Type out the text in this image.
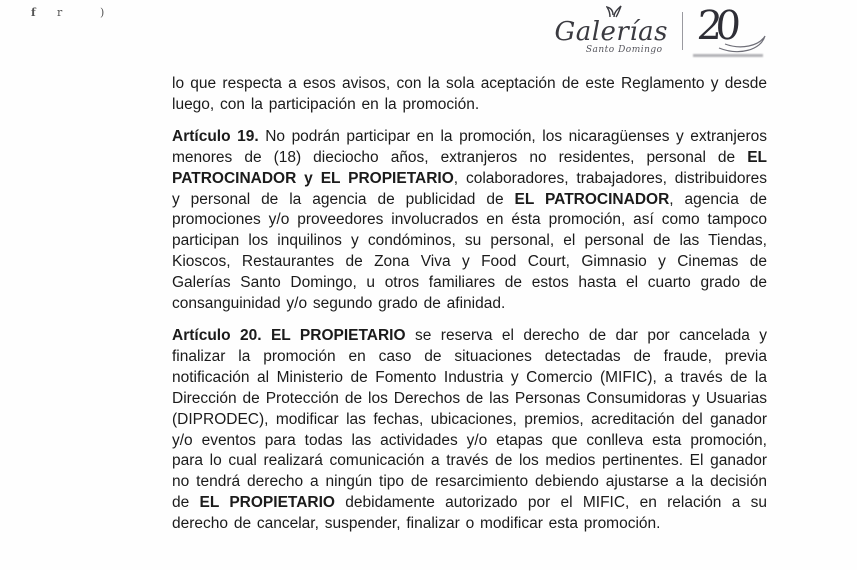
f r	)
Galerías
Santo Domingo
20

lo que respecta a esos avisos, con la sola aceptación de este Reglamento y desde luego, con la participación en la promoción.

Artículo 19. No podrán participar en la promoción, los nicaragüenses y extranjeros menores de (18) dieciocho años, extranjeros no residentes, personal de EL PATROCINADOR y EL PROPIETARIO, colaboradores, trabajadores, distribuidores y personal de la agencia de publicidad de EL PATROCINADOR, agencia de promociones y/o proveedores involucrados en ésta promoción, así como tampoco participan los inquilinos y condóminos, su personal, el personal de las Tiendas, Kioscos, Restaurantes de Zona Viva y Food Court, Gimnasio y Cinemas de Galerías Santo Domingo, u otros familiares de estos hasta el cuarto grado de consanguinidad y/o segundo grado de afinidad.

Artículo 20. EL PROPIETARIO se reserva el derecho de dar por cancelada y finalizar la promoción en caso de situaciones detectadas de fraude, previa notificación al Ministerio de Fomento Industria y Comercio (MIFIC), a través de la Dirección de Protección de los Derechos de las Personas Consumidoras y Usuarias (DIPRODEC), modificar las fechas, ubicaciones, premios, acreditación del ganador y/o eventos para todas las actividades y/o etapas que conlleva esta promoción, para lo cual realizará comunicación a través de los medios pertinentes. El ganador no tendrá derecho a ningún tipo de resarcimiento debiendo ajustarse a la decisión de EL PROPIETARIO debidamente autorizado por el MIFIC, en relación a su derecho de cancelar, suspender, finalizar o modificar esta promoción.
